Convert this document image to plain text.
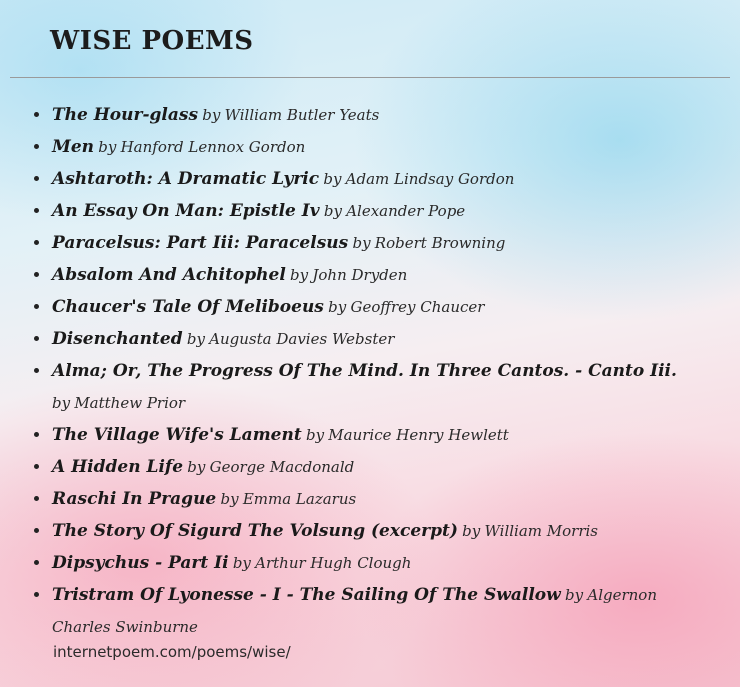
WISE POEMS
The Hour-glass by William Butler Yeats
Men by Hanford Lennox Gordon
Ashtaroth: A Dramatic Lyric by Adam Lindsay Gordon
An Essay On Man: Epistle Iv by Alexander Pope
Paracelsus: Part Iii: Paracelsus by Robert Browning
Absalom And Achitophel by John Dryden
Chaucer's Tale Of Meliboeus by Geoffrey Chaucer
Disenchanted by Augusta Davies Webster
Alma; Or, The Progress Of The Mind. In Three Cantos. - Canto Iii. by Matthew Prior
The Village Wife's Lament by Maurice Henry Hewlett
A Hidden Life by George Macdonald
Raschi In Prague by Emma Lazarus
The Story Of Sigurd The Volsung (excerpt) by William Morris
Dipsychus - Part Ii by Arthur Hugh Clough
Tristram Of Lyonesse - I - The Sailing Of The Swallow by Algernon Charles Swinburne
internetpoem.com/poems/wise/
